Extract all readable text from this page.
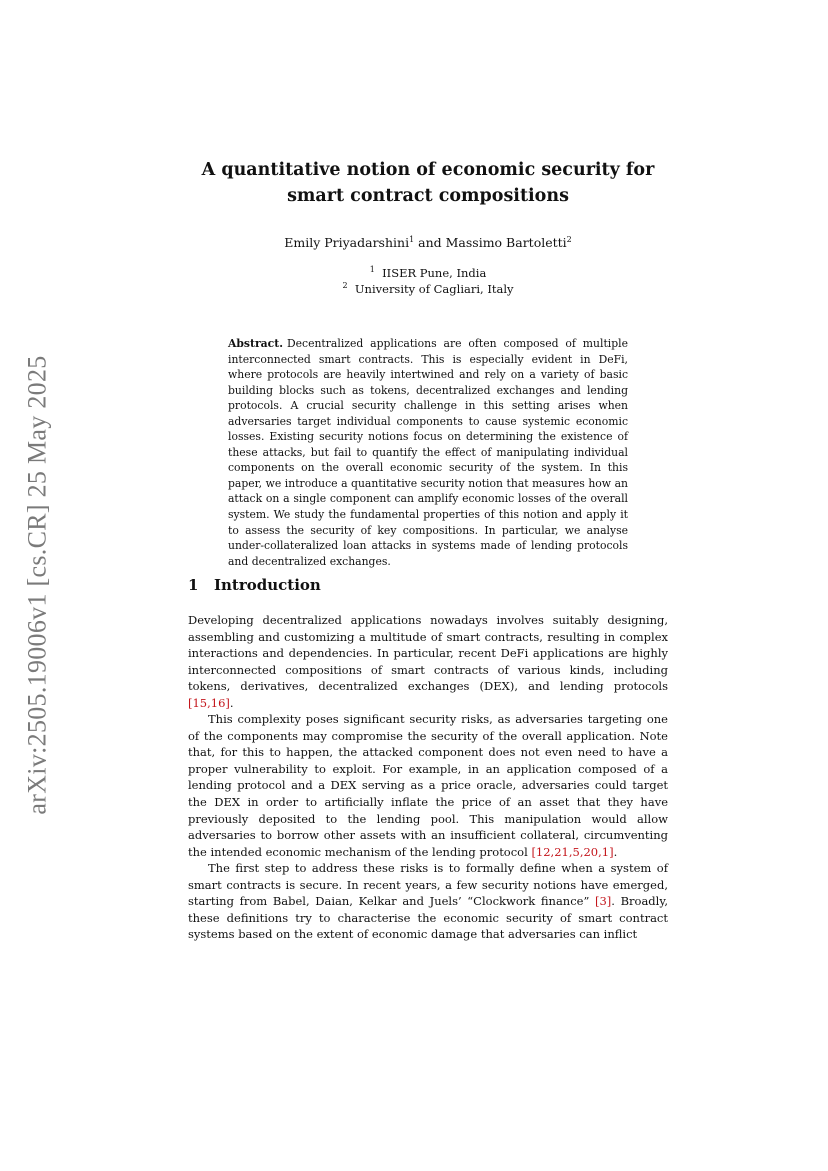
arXiv:2505.19006v1 [cs.CR] 25 May 2025
A quantitative notion of economic security for
smart contract compositions

Emily Priyadarshini$^1$ and Massimo Bartoletti$^2$

$^1$ IISER Pune, India
$^2$ University of Cagliari, Italy

Abstract. Decentralized applications are often composed of multiple interconnected smart contracts. This is especially evident in DeFi, where protocols are heavily intertwined and rely on a variety of basic building blocks such as tokens, decentralized exchanges and lending protocols. A crucial security challenge in this setting arises when adversaries target individual components to cause systemic economic losses. Existing security notions focus on determining the existence of these attacks, but fail to quantify the effect of manipulating individual components on the overall economic security of the system. In this paper, we introduce a quantitative security notion that measures how an attack on a single component can amplify economic losses of the overall system. We study the fundamental properties of this notion and apply it to assess the security of key compositions. In particular, we analyse under-collateralized loan attacks in systems made of lending protocols and decentralized exchanges.

1 Introduction

Developing decentralized applications nowadays involves suitably designing, assembling and customizing a multitude of smart contracts, resulting in complex interactions and dependencies. In particular, recent DeFi applications are highly interconnected compositions of smart contracts of various kinds, including tokens, derivatives, decentralized exchanges (DEX), and lending protocols [15,16].

This complexity poses significant security risks, as adversaries targeting one of the components may compromise the security of the overall application. Note that, for this to happen, the attacked component does not even need to have a proper vulnerability to exploit. For example, in an application composed of a lending protocol and a DEX serving as a price oracle, adversaries could target the DEX in order to artificially inflate the price of an asset that they have previously deposited to the lending pool. This manipulation would allow adversaries to borrow other assets with an insufficient collateral, circumventing the intended economic mechanism of the lending protocol [12,21,5,20,1].

The first step to address these risks is to formally define when a system of smart contracts is secure. In recent years, a few security notions have emerged, starting from Babel, Daian, Kelkar and Juels’ “Clockwork finance” [3]. Broadly, these definitions try to characterise the economic security of smart contract systems based on the extent of economic damage that adversaries can inflict
